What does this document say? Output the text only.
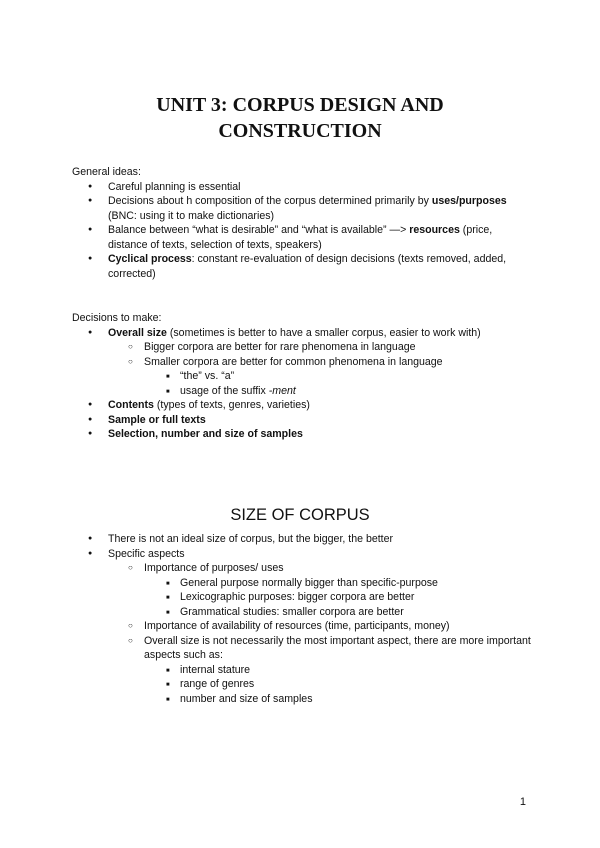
UNIT 3: CORPUS DESIGN AND
CONSTRUCTION

General ideas:

● Careful planning is essential
● Decisions about h composition of the corpus determined primarily by uses/purposes (BNC: using it to make dictionaries)
● Balance between “what is desirable” and “what is available” —> resources (price, distance of texts, selection of texts, speakers)
● Cyclical process: constant re-evaluation of design decisions (texts removed, added, corrected)

Decisions to make:

● Overall size (sometimes is better to have a smaller corpus, easier to work with)
○ Bigger corpora are better for rare phenomena in language
○ Smaller corpora are better for common phenomena in language
■ “the” vs. “a”
■ usage of the suffix -ment
● Contents (types of texts, genres, varieties)
● Sample or full texts
● Selection, number and size of samples
SIZE OF CORPUS
● There is not an ideal size of corpus, but the bigger, the better
● Specific aspects
○ Importance of purposes/ uses
■ General purpose normally bigger than specific-purpose
■ Lexicographic purposes: bigger corpora are better
■ Grammatical studies: smaller corpora are better
○ Importance of availability of resources (time, participants, money)
○ Overall size is not necessarily the most important aspect, there are more important aspects such as:
■ internal stature
■ range of genres
■ number and size of samples
1
